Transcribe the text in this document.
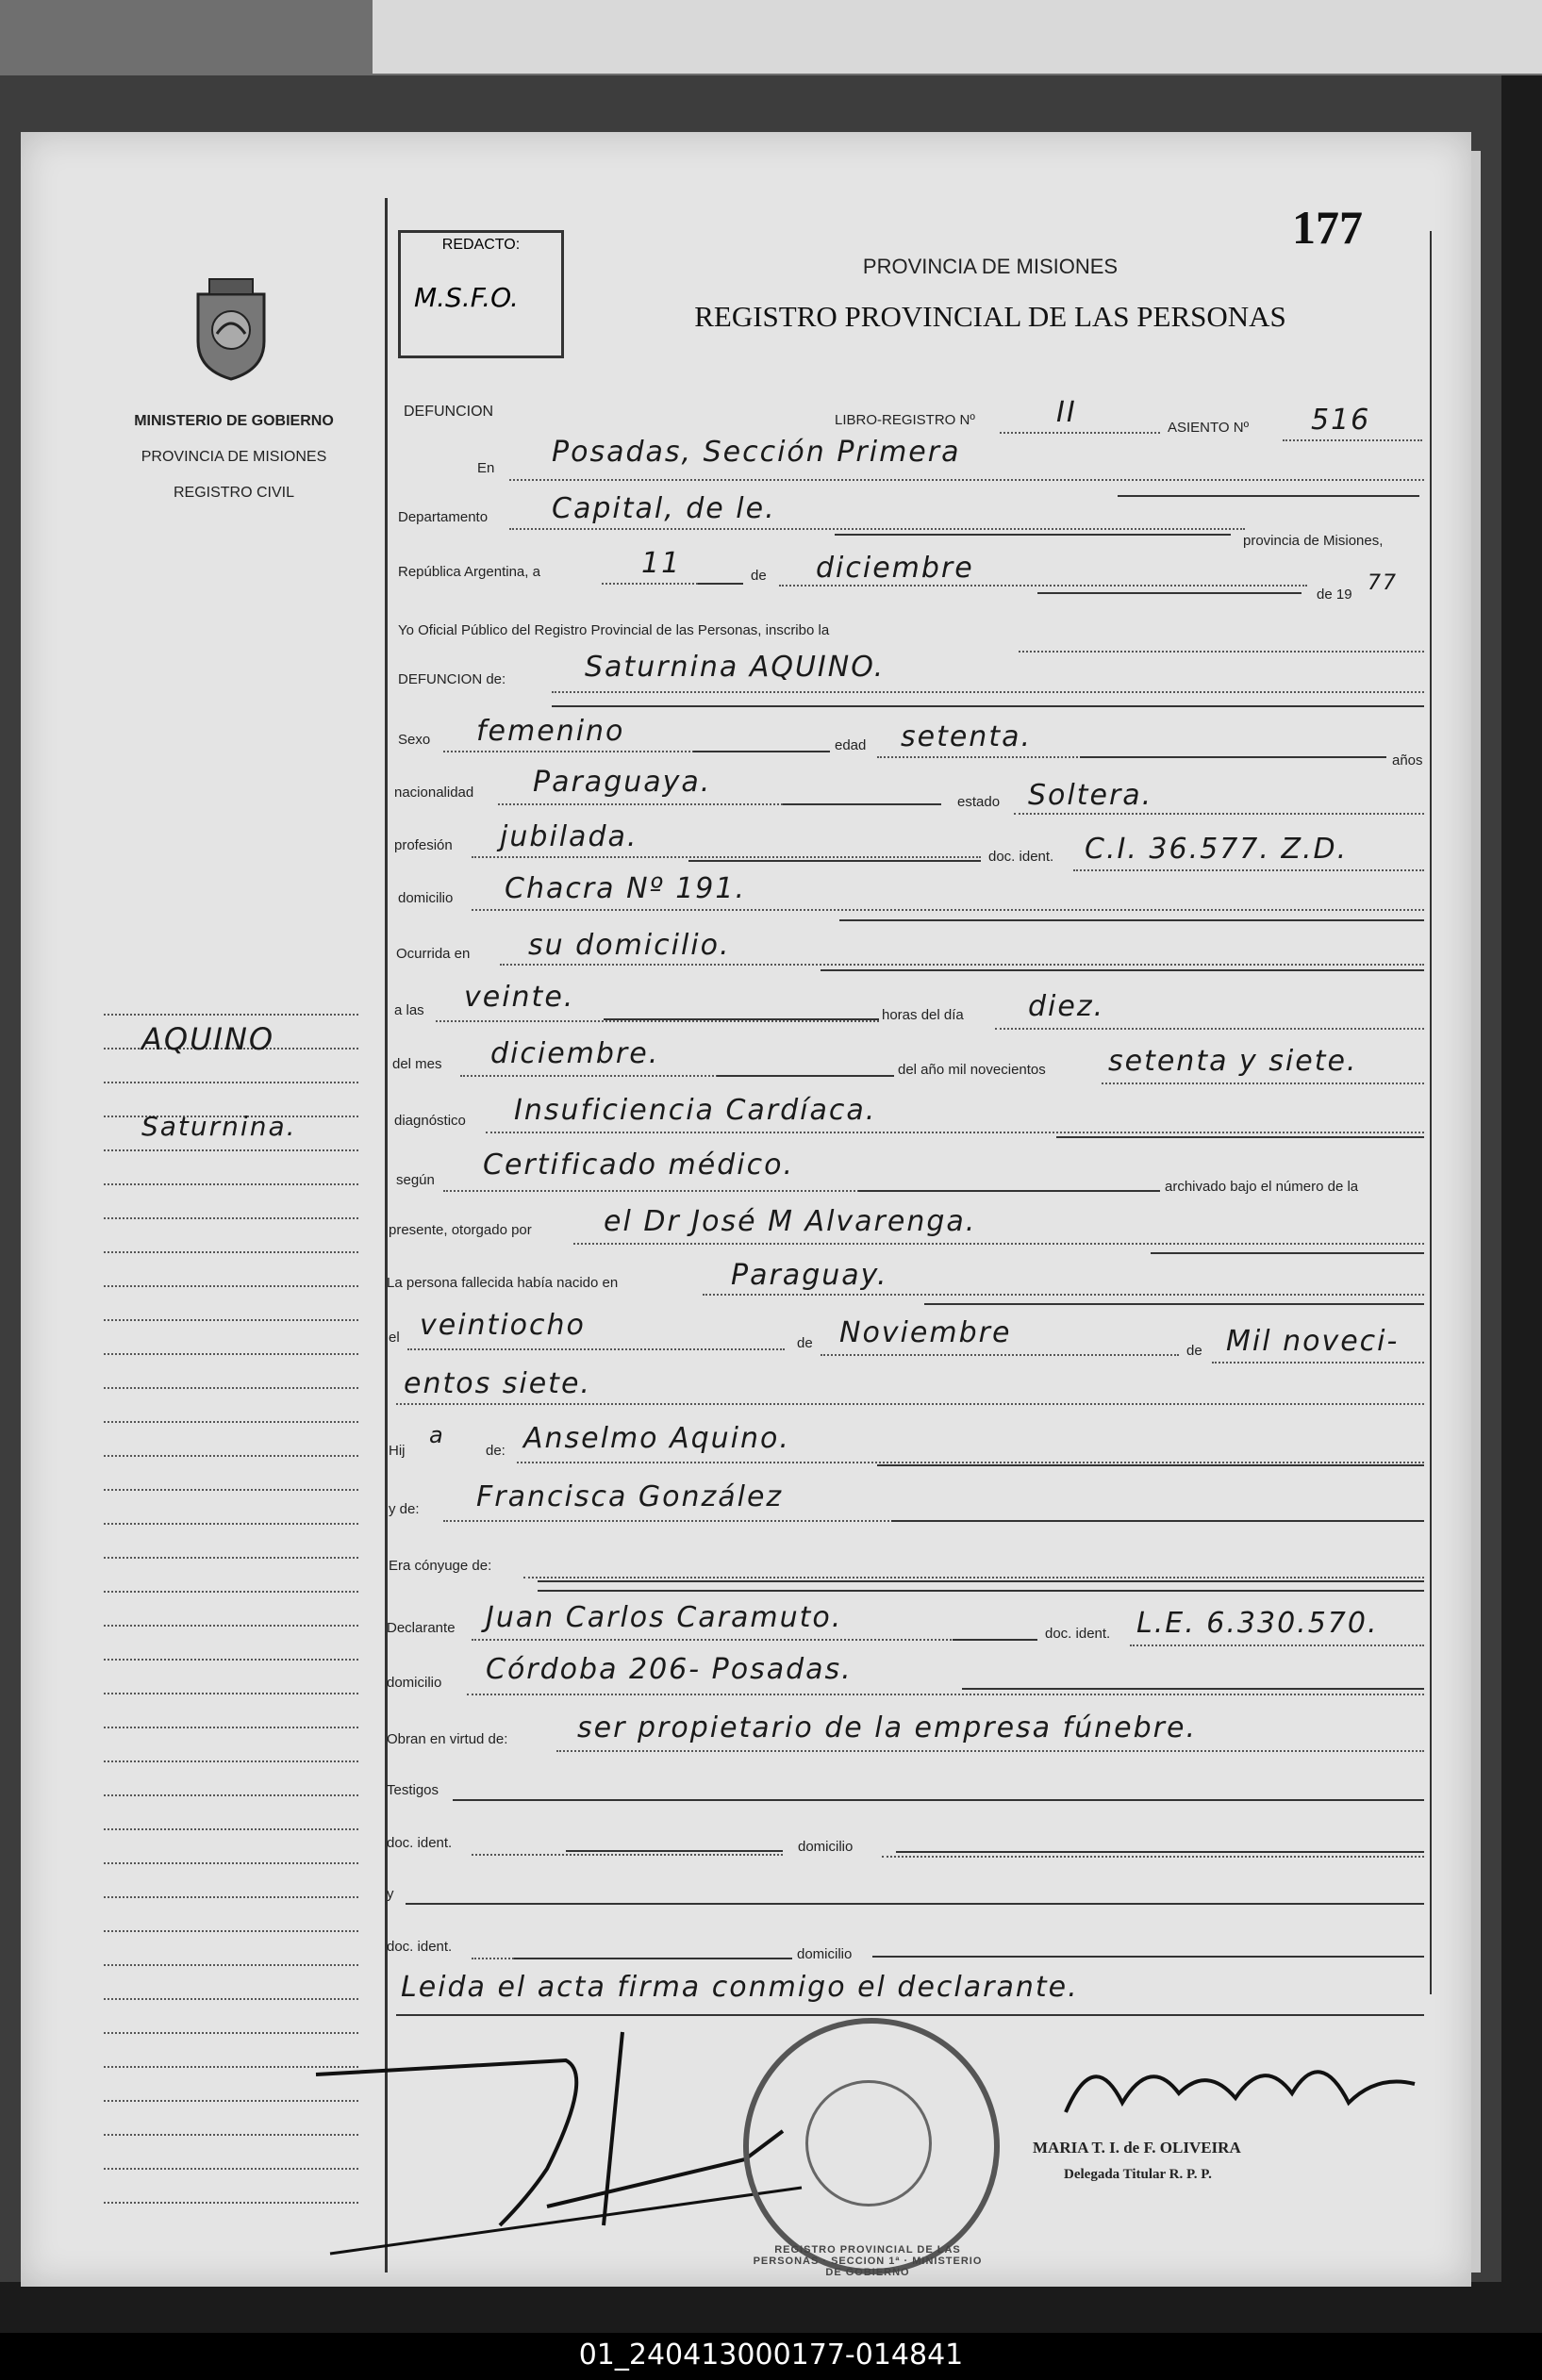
MINISTERIO DE GOBIERNO
PROVINCIA DE MISIONES
REGISTRO CIVIL
AQUINO
Saturnina.
REDACTO:
M.S.F.O.
177
PROVINCIA DE MISIONES
REGISTRO PROVINCIAL DE LAS PERSONAS
DEFUNCION
LIBRO-REGISTRO Nº	II	ASIENTO Nº 516
En Posadas, Sección Primera
Departamento Capital, de le.
provincia de Misiones,
República Argentina, a	11	de diciembre
de 19 77
Yo Oficial Público del Registro Provincial de las Personas, inscribo la
DEFUNCION de:	Saturnina AQUINO.
Sexo femenino	edad setenta.
años
nacionalidad Paraguaya.
estado Soltera.
profesión jubilada.
doc. ident. C.I. 36.577. Z.D.
domicilio Chacra Nº 191.
Ocurrida en su domicilio.
a las veinte.
horas del día diez.
del mes diciembre.	del año mil novecientos setenta y siete.
diagnóstico Insuficiencia Cardíaca.
según Certificado médico.
archivado bajo el número de la
presente, otorgado por	el Dr José M Alvarenga.
La persona fallecida había nacido en	Paraguay.
el veintiocho
de Noviembre
de Mil noveci-
entos siete.
Hij
a
de: Anselmo Aquino.
y de: Francisca González
Era cónyuge de:
Declarante Juan Carlos Caramuto.	doc. ident. L.E. 6.330.570.
domicilio Córdoba 206- Posadas.
Obran en virtud de: ser propietario de la empresa fúnebre.
Testigos
doc. ident.	domicilio
y
doc. ident.	domicilio
Leida el acta firma conmigo el declarante.
REGISTRO PROVINCIAL DE LAS PERSONAS · SECCION 1ª · MINISTERIO DE GOBIERNO
MARIA T. I. de F. OLIVEIRA
Delegada Titular R. P. P.
01_240413000177-014841
